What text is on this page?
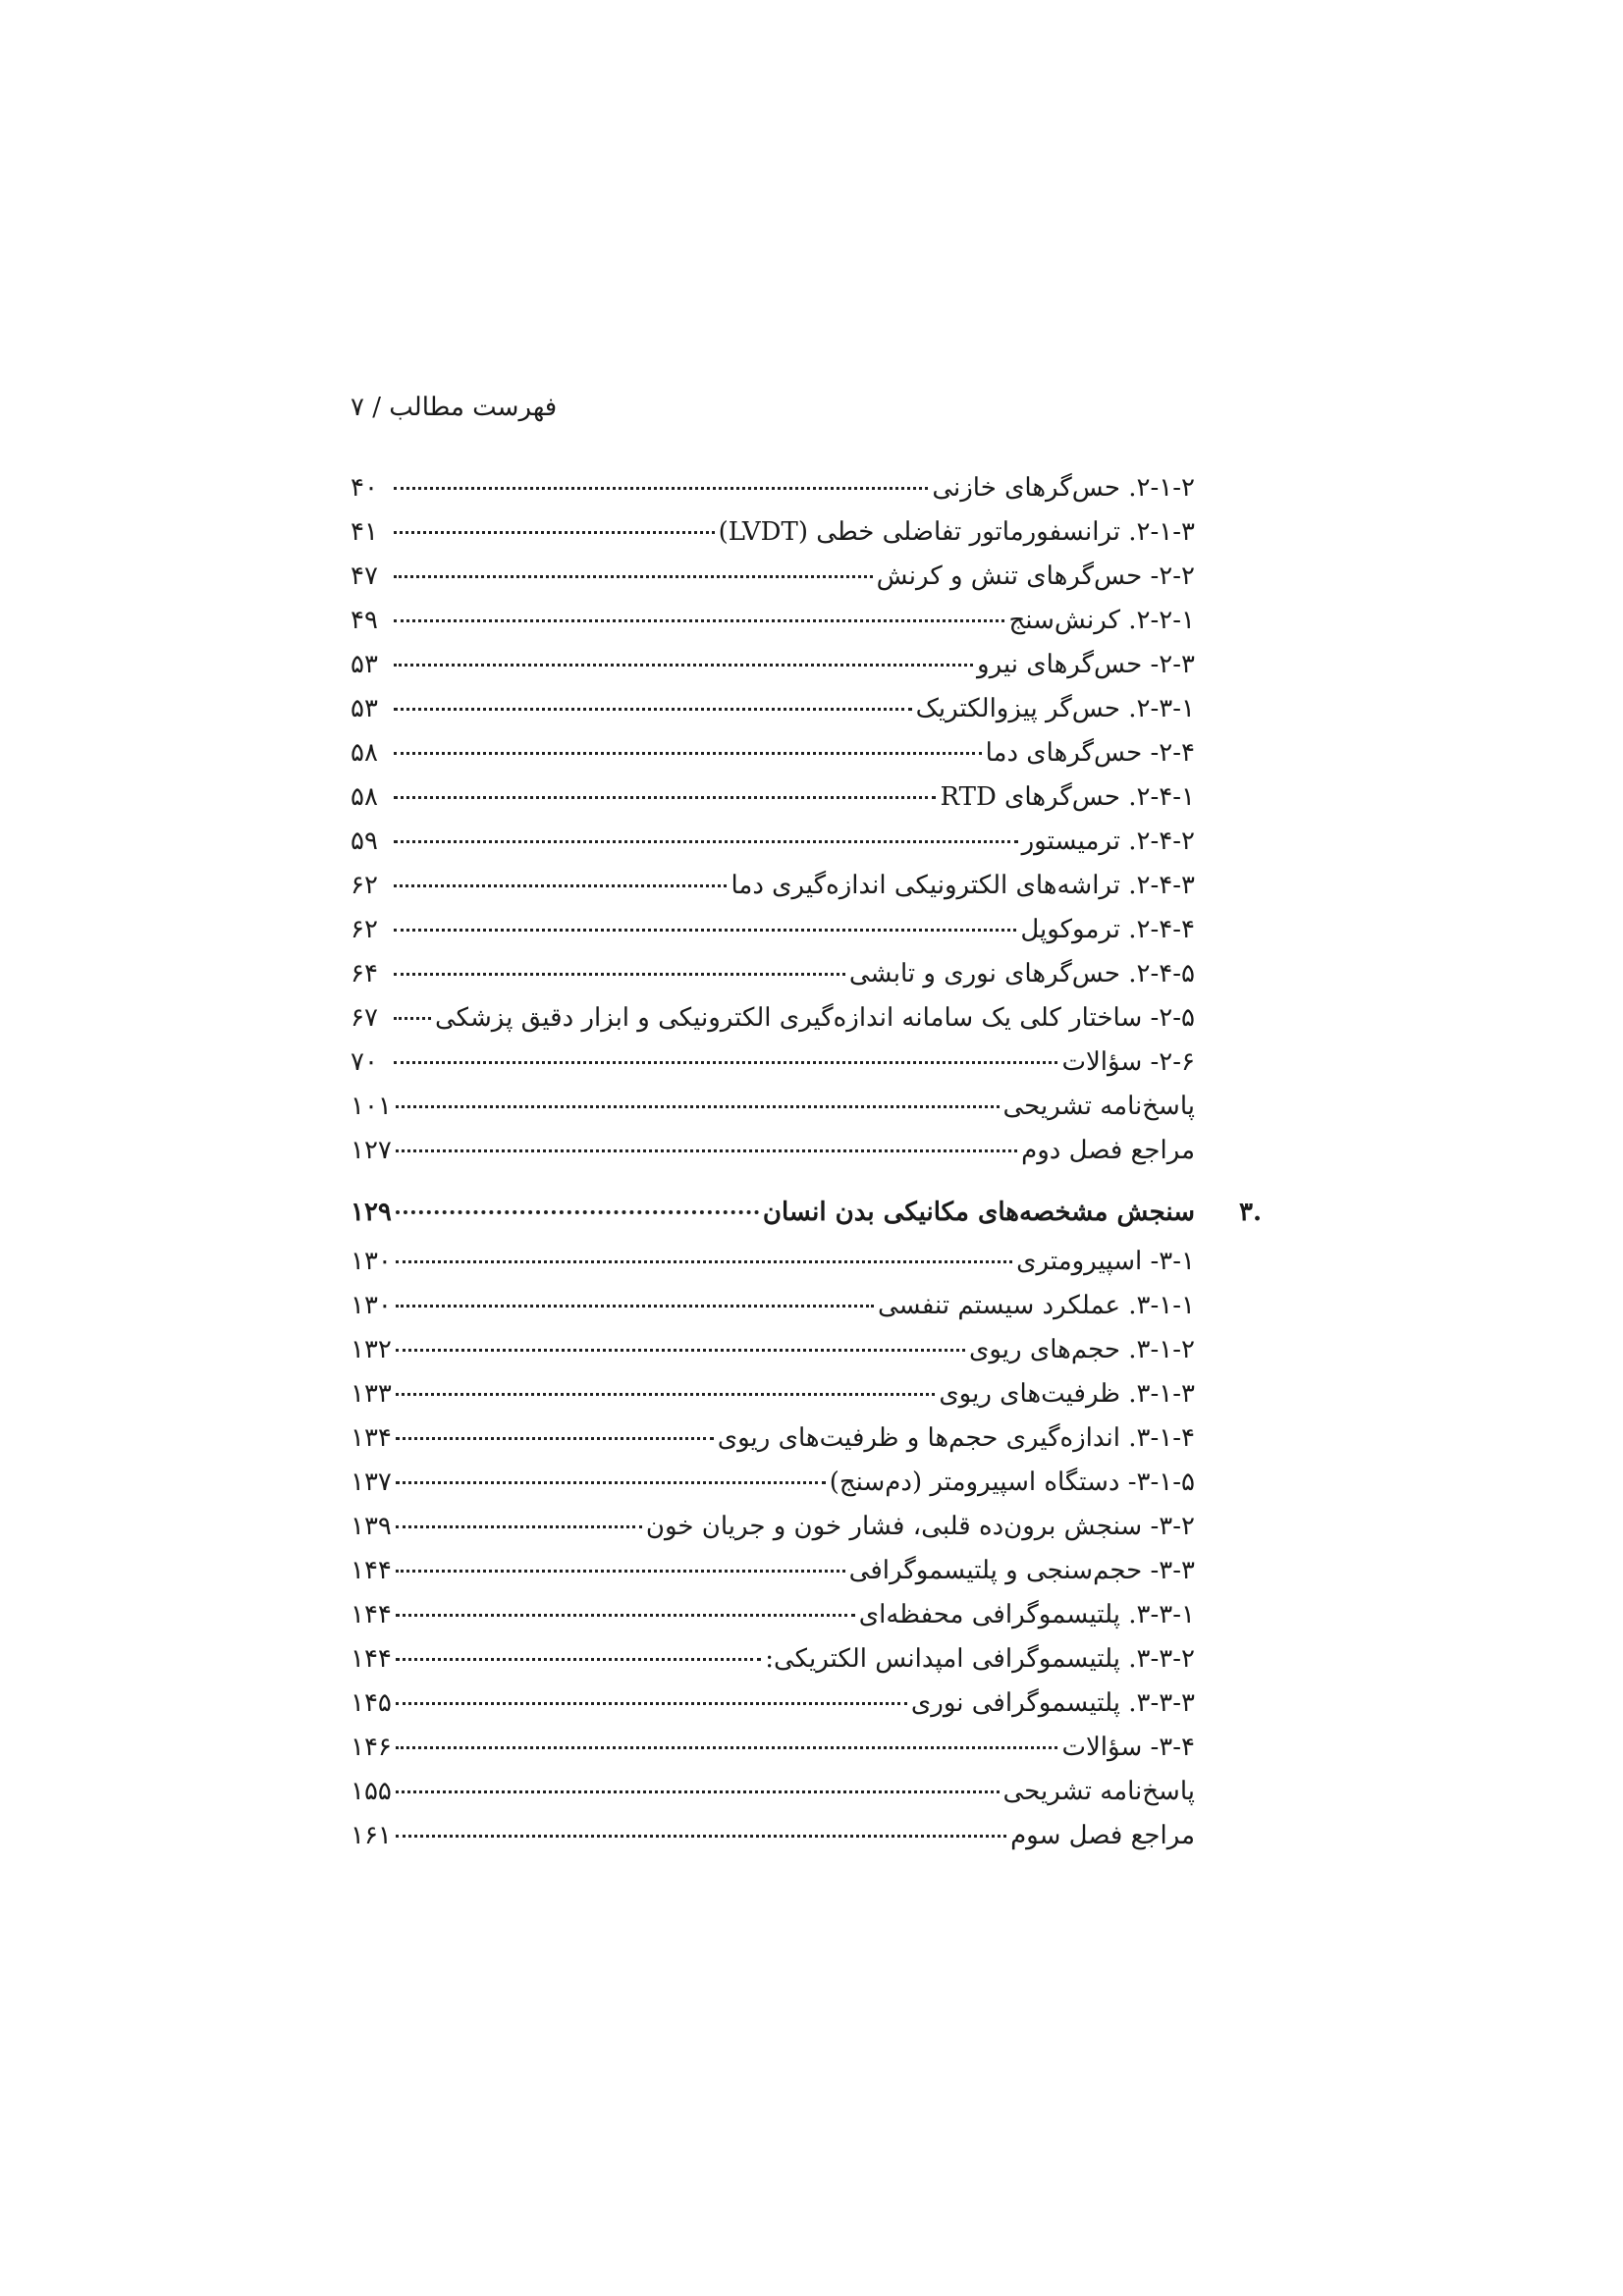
فهرست مطالب / ۷
۴۰	۲-۱-۲. حس‌گرهای خازنی
۴۱	۲-۱-۳. ترانسفورماتور تفاضلی خطی (LVDT)
۴۷	۲-۲- حس‌گرهای تنش و کرنش
۴۹	۲-۲-۱. کرنش‌سنج
۵۳	۲-۳- حس‌گرهای نیرو
۵۳	۲-۳-۱. حس‌گر پیزوالکتریک
۵۸	۲-۴- حس‌گرهای دما
۵۸	۲-۴-۱. حس‌گرهای RTD
۵۹	۲-۴-۲. ترمیستور
۶۲	۲-۴-۳. تراشه‌های الکترونیکی اندازه‌گیری دما
۶۲	۲-۴-۴. ترموکوپل
۶۴	۲-۴-۵. حس‌گرهای نوری و تابشی
۶۷	۲-۵- ساختار کلی یک سامانه اندازه‌گیری الکترونیکی و ابزار دقیق پزشکی
۷۰	۲-۶- سؤالات
۱۰۱	پاسخ‌نامه تشریحی
۱۲۷	مراجع فصل دوم
۱۲۹	سنجش مشخصه‌های مکانیکی بدن انسان ۳.
۱۳۰	۳-۱- اسپیرومتری
۱۳۰	۳-۱-۱. عملکرد سیستم تنفسی
۱۳۲	۳-۱-۲. حجم‌های ریوی
۱۳۳	۳-۱-۳. ظرفیت‌های ریوی
۱۳۴	۳-۱-۴. اندازه‌گیری حجم‌ها و ظرفیت‌های ریوی
۱۳۷	۳-۱-۵- دستگاه اسپیرومتر (دم‌سنج)
۱۳۹	۳-۲- سنجش برون‌ده قلبی، فشار خون و جریان خون
۱۴۴	۳-۳- حجم‌سنجی و پلتیسموگرافی
۱۴۴	۳-۳-۱. پلتیسموگرافی محفظه‌ای
۱۴۴	۳-۳-۲. پلتیسموگرافی امپدانس الکتریکی:
۱۴۵	۳-۳-۳. پلتیسموگرافی نوری
۱۴۶	۳-۴- سؤالات
۱۵۵	پاسخ‌نامه تشریحی
۱۶۱	مراجع فصل سوم
